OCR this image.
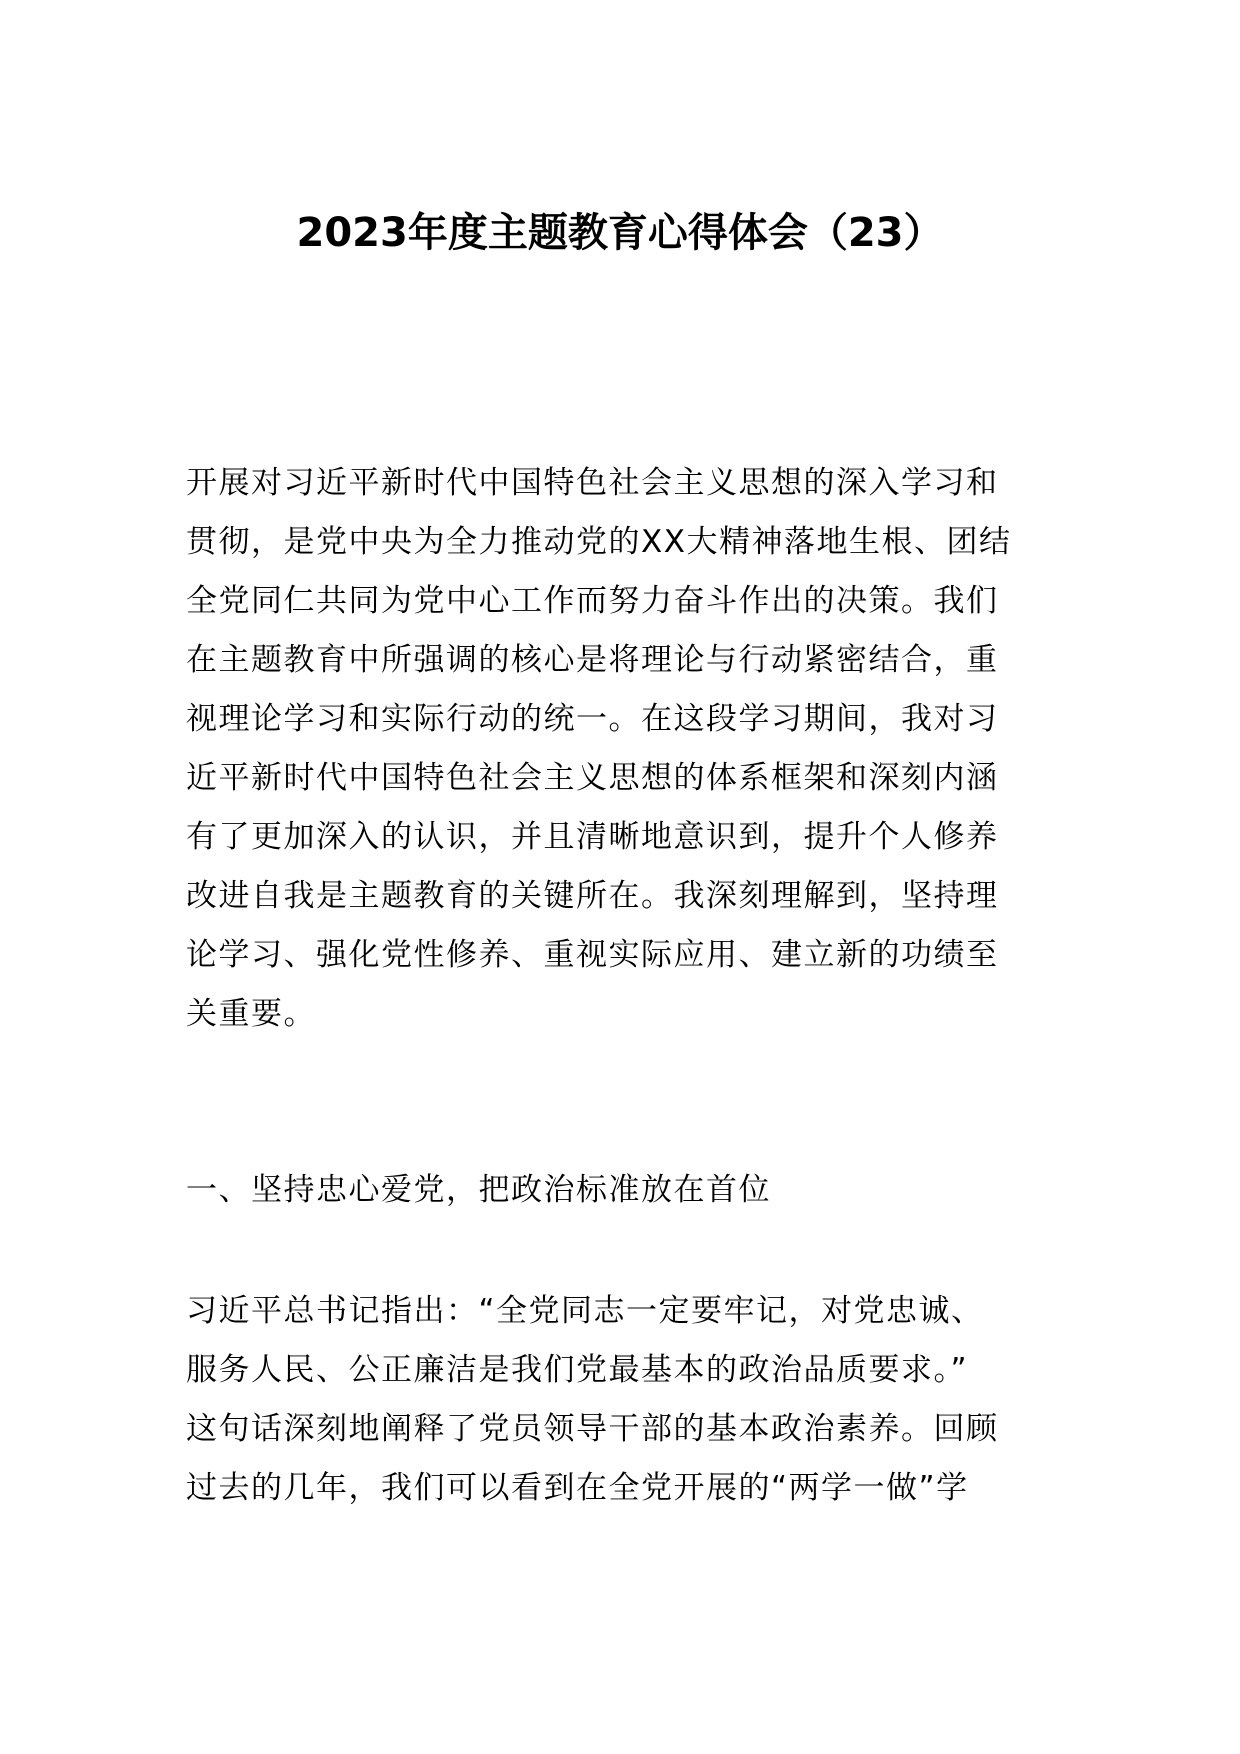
2023年度主题教育心得体会（23）
开展对习近平新时代中国特色社会主义思想的深入学习和
贯彻，是党中央为全力推动党的XX大精神落地生根、团结
全党同仁共同为党中心工作而努力奋斗作出的决策。我们
在主题教育中所强调的核心是将理论与行动紧密结合，重
视理论学习和实际行动的统一。在这段学习期间，我对习
近平新时代中国特色社会主义思想的体系框架和深刻内涵
有了更加深入的认识，并且清晰地意识到，提升个人修养
改进自我是主题教育的关键所在。我深刻理解到，坚持理
论学习、强化党性修养、重视实际应用、建立新的功绩至
关重要。
一、坚持忠心爱党，把政治标准放在首位
习近平总书记指出：“全党同志一定要牢记，对党忠诚、
服务人民、公正廉洁是我们党最基本的政治品质要求。”
这句话深刻地阐释了党员领导干部的基本政治素养。回顾
过去的几年，我们可以看到在全党开展的“两学一做”学
